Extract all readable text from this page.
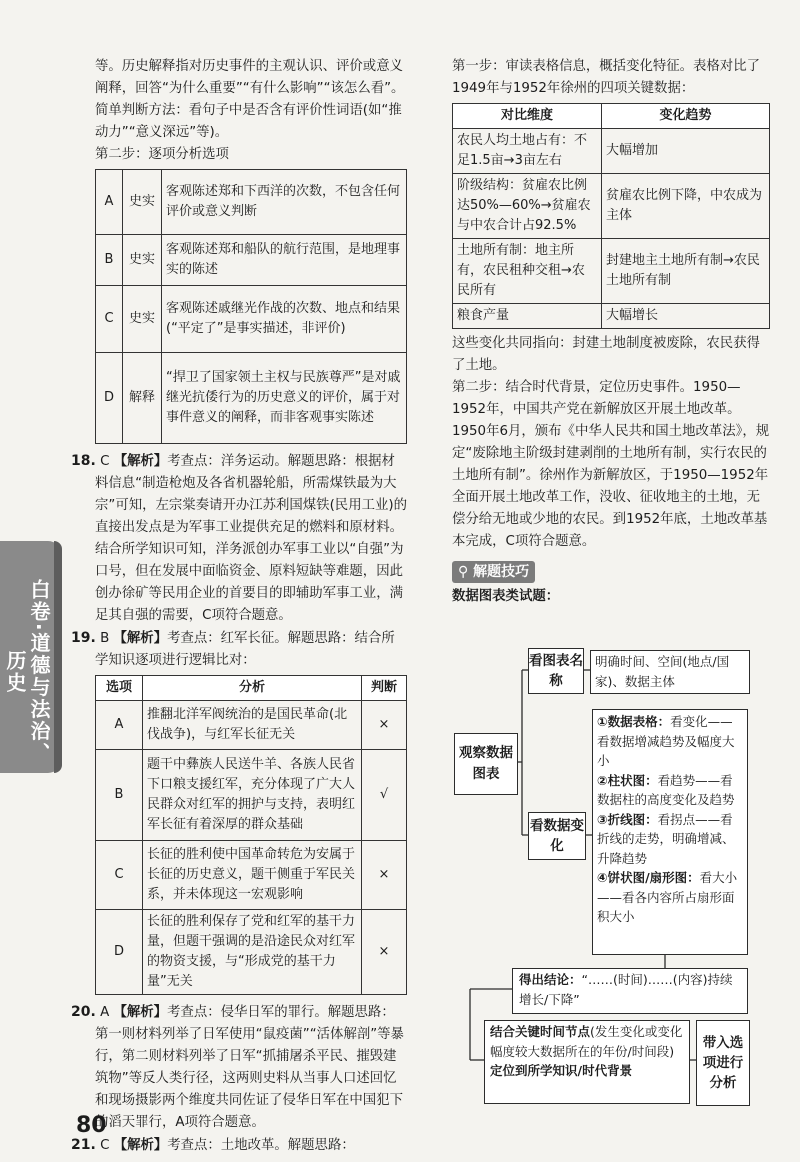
白卷·道德与法治、历史

等。历史解释指对历史事件的主观认识、评价或意义阐释，回答“为什么重要”“有什么影响”“该怎么看”。简单判断方法：看句子中是否含有评价性词语(如“推动力”“意义深远”等)。

第二步：逐项分析选项

A	史实	客观陈述郑和下西洋的次数，不包含任何评价或意义判断
B	史实	客观陈述郑和船队的航行范围，是地理事实的陈述
C	史实	客观陈述戚继光作战的次数、地点和结果(“平定了”是事实描述，非评价)
D	解释	“捍卫了国家领土主权与民族尊严”是对戚继光抗倭行为的历史意义的评价，属于对事件意义的阐释，而非客观事实陈述

18. C 【解析】考查点：洋务运动。解题思路：根据材料信息“制造枪炮及各省机器轮船，所需煤铁最为大宗”可知，左宗棠奏请开办江苏利国煤铁(民用工业)的直接出发点是为军事工业提供充足的燃料和原材料。结合所学知识可知，洋务派创办军事工业以“自强”为口号，但在发展中面临资金、原料短缺等难题，因此创办徐矿等民用企业的首要目的即辅助军事工业，满足其自强的需要，C项符合题意。

19. B 【解析】考查点：红军长征。解题思路：结合所学知识逐项进行逻辑比对：

选项	分析	判断
A	推翻北洋军阀统治的是国民革命(北伐战争)，与红军长征无关	×
B	题干中彝族人民送牛羊、各族人民省下口粮支援红军，充分体现了广大人民群众对红军的拥护与支持，表明红军长征有着深厚的群众基础	√
C	长征的胜利使中国革命转危为安属于长征的历史意义，题干侧重于军民关系，并未体现这一宏观影响	×
D	长征的胜利保存了党和红军的基干力量，但题干强调的是沿途民众对红军的物资支援，与“形成党的基干力量”无关	×

20. A 【解析】考查点：侵华日军的罪行。解题思路：第一则材料列举了日军使用“鼠疫菌”“活体解剖”等暴行，第二则材料列举了日军“抓捕屠杀平民、摧毁建筑物”等反人类行径，这两则史料从当事人口述回忆和现场摄影两个维度共同佐证了侵华日军在中国犯下的滔天罪行，A项符合题意。

21. C 【解析】考查点：土地改革。解题思路：

第一步：审读表格信息，概括变化特征。表格对比了1949年与1952年徐州的四项关键数据：

对比维度	变化趋势
农民人均土地占有：不足1.5亩→3亩左右	大幅增加
阶级结构：贫雇农比例达50%—60%→贫雇农与中农合计占92.5%	贫雇农比例下降，中农成为主体
土地所有制：地主所有，农民租种交租→农民所有	封建地主土地所有制→农民土地所有制
粮食产量	大幅增长

这些变化共同指向：封建土地制度被废除，农民获得了土地。

第二步：结合时代背景，定位历史事件。1950—1952年，中国共产党在新解放区开展土地改革。1950年6月，颁布《中华人民共和国土地改革法》，规定“废除地主阶级封建剥削的土地所有制，实行农民的土地所有制”。徐州作为新解放区，于1950—1952年全面开展土地改革工作，没收、征收地主的土地，无偿分给无地或少地的农民。到1952年底，土地改革基本完成，C项符合题意。

⚲ 解题技巧

数据图表类试题：

观察数据图表
看图表名称
明确时间、空间(地点/国家)、数据主体
看数据变化
①数据表格：看变化——看数据增减趋势及幅度大小
②柱状图：看趋势——看数据柱的高度变化及趋势
③折线图：看拐点——看折线的走势，明确增减、升降趋势
④饼状图/扇形图：看大小——看各内容所占扇形面积大小
得出结论：“……(时间)……(内容)持续增长/下降”
结合关键时间节点(发生变化或变化幅度较大数据所在的年份/时间段)定位到所学知识/时代背景
带入选项进行分析
80
